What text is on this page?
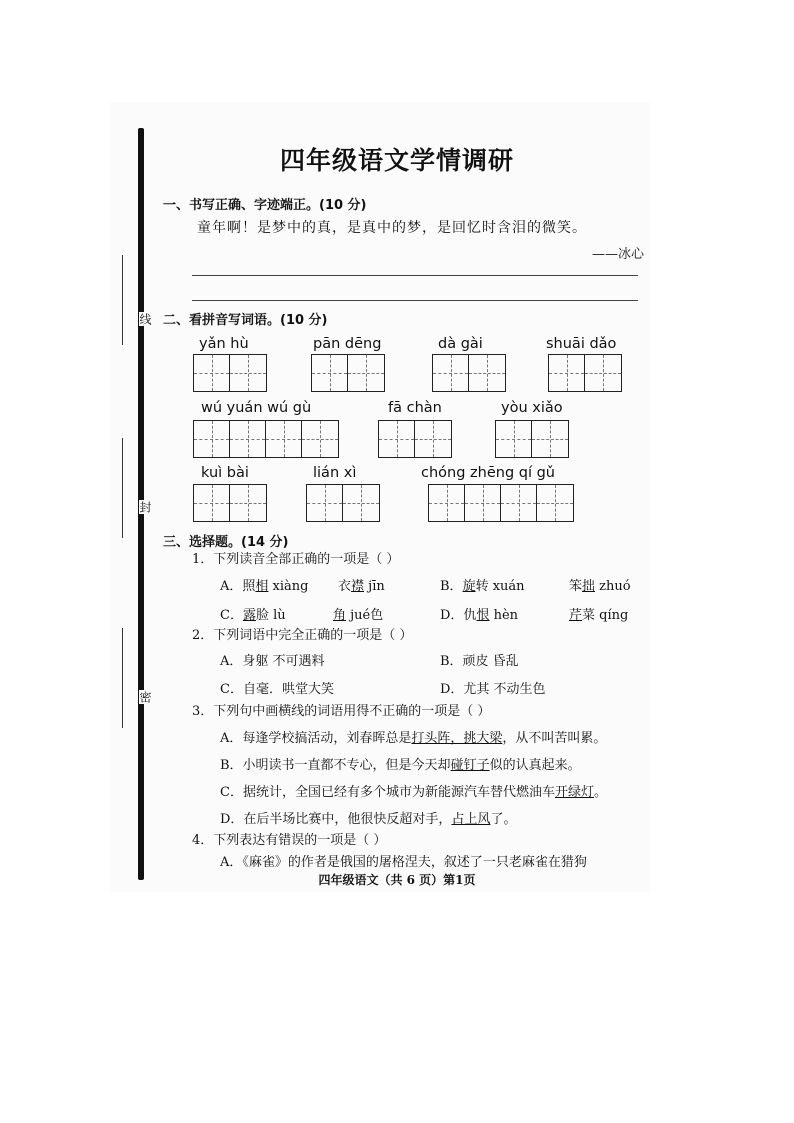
线
封
密
四年级语文学情调研
一、书写正确、字迹端正。(10 分)
童年啊！是梦中的真，是真中的梦，是回忆时含泪的微笑。
——冰心
二、看拼音写词语。(10 分)
yǎn hù	pān dēng	dà gài	shuāi dǎo
wú yuán wú gù	fā chàn	yòu xiǎo
kuì bài	lián xì	chóng zhēng qí gǔ
三、选择题。(14 分)
1．下列读音全部正确的一项是（ ）
A．照相 xiàng 衣襟 jīn	B．旋转 xuán	笨拙 zhuó
C．露脸 lù	角 jué色	D．仇恨 hèn	芹菜 qíng
2．下列词语中完全正确的一项是（ ）
A．身躯 不可遇料	B．顽皮 昏乱
C．自毫．哄堂大笑	D．尤其 不动生色
3．下列句中画横线的词语用得不正确的一项是（ ）
A．每逢学校搞活动，刘春晖总是打头阵，挑大梁，从不叫苦叫累。
B．小明读书一直都不专心，但是今天却碰钉子似的认真起来。
C．据统计，全国已经有多个城市为新能源汽车替代燃油车开绿灯。
D．在后半场比赛中，他很快反超对手，占上风了。
4．下列表达有错误的一项是（ ）
A．《麻雀》的作者是俄国的屠格涅夫，叙述了一只老麻雀在猎狗
四年级语文（共 6 页）第1页
